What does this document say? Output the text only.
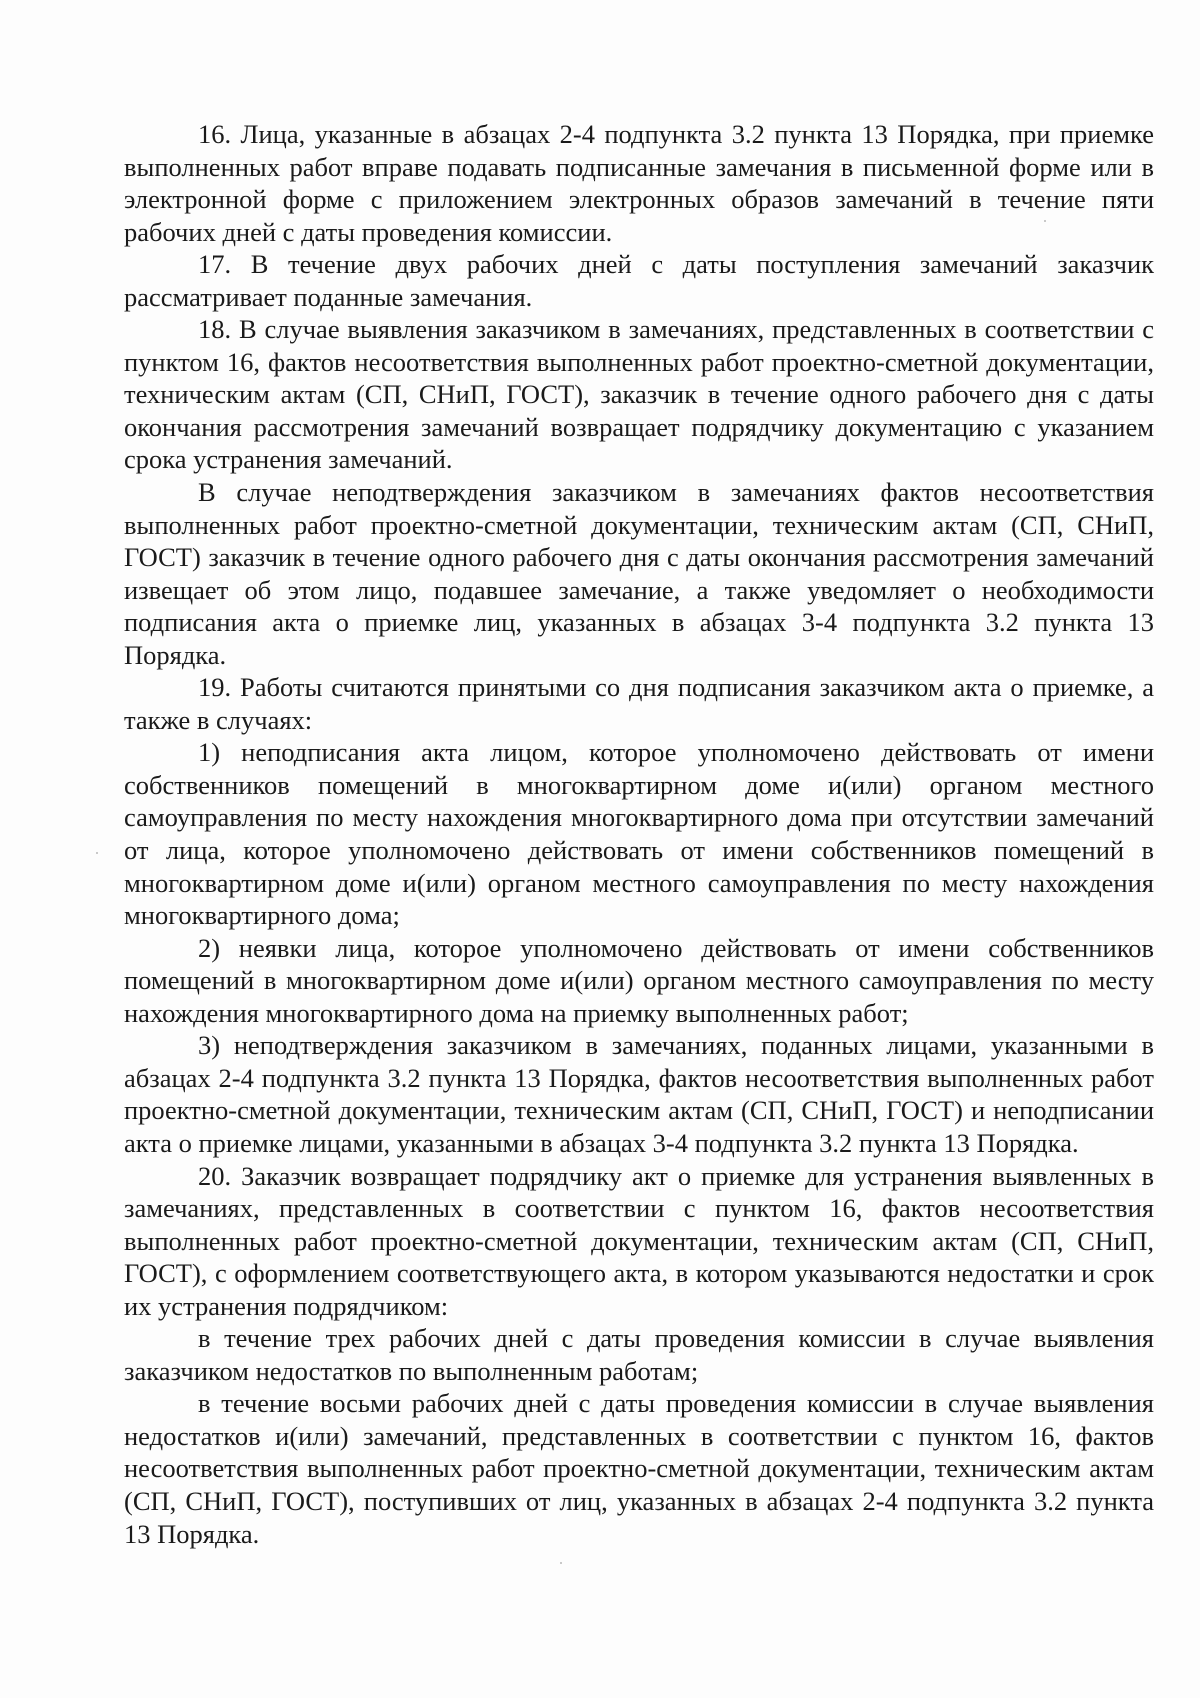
16. Лица, указанные в абзацах 2-4 подпункта 3.2 пункта 13 Порядка, при приемке выполненных работ вправе подавать подписанные замечания в письменной форме или в электронной форме с приложением электронных образов замечаний в течение пяти рабочих дней с даты проведения комиссии.

17. В течение двух рабочих дней с даты поступления замечаний заказчик рассматривает поданные замечания.

18. В случае выявления заказчиком в замечаниях, представленных в соответствии с пунктом 16, фактов несоответствия выполненных работ проектно-сметной документации, техническим актам (СП, СНиП, ГОСТ), заказчик в течение одного рабочего дня с даты окончания рассмотрения замечаний возвращает подрядчику документацию с указанием срока устранения замечаний.

В случае неподтверждения заказчиком в замечаниях фактов несоответствия выполненных работ проектно-сметной документации, техническим актам (СП, СНиП, ГОСТ) заказчик в течение одного рабочего дня с даты окончания рассмотрения замечаний извещает об этом лицо, подавшее замечание, а также уведомляет о необходимости подписания акта о приемке лиц, указанных в абзацах 3-4 подпункта 3.2 пункта 13 Порядка.

19. Работы считаются принятыми со дня подписания заказчиком акта о приемке, а также в случаях:

1) неподписания акта лицом, которое уполномочено действовать от имени собственников помещений в многоквартирном доме и(или) органом местного самоуправления по месту нахождения многоквартирного дома при отсутствии замечаний от лица, которое уполномочено действовать от имени собственников помещений в многоквартирном доме и(или) органом местного самоуправления по месту нахождения многоквартирного дома;

2) неявки лица, которое уполномочено действовать от имени собственников помещений в многоквартирном доме и(или) органом местного самоуправления по месту нахождения многоквартирного дома на приемку выполненных работ;

3) неподтверждения заказчиком в замечаниях, поданных лицами, указанными в абзацах 2-4 подпункта 3.2 пункта 13 Порядка, фактов несоответствия выполненных работ проектно-сметной документации, техническим актам (СП, СНиП, ГОСТ) и неподписании акта о приемке лицами, указанными в абзацах 3-4 подпункта 3.2 пункта 13 Порядка.

20. Заказчик возвращает подрядчику акт о приемке для устранения выявленных в замечаниях, представленных в соответствии с пунктом 16, фактов несоответствия выполненных работ проектно-сметной документации, техническим актам (СП, СНиП, ГОСТ), с оформлением соответствующего акта, в котором указываются недостатки и срок их устранения подрядчиком:

в течение трех рабочих дней с даты проведения комиссии в случае выявления заказчиком недостатков по выполненным работам;

в течение восьми рабочих дней с даты проведения комиссии в случае выявления недостатков и(или) замечаний, представленных в соответствии с пунктом 16, фактов несоответствия выполненных работ проектно-сметной документации, техническим актам (СП, СНиП, ГОСТ), поступивших от лиц, указанных в абзацах 2-4 подпункта 3.2 пункта 13 Порядка.
